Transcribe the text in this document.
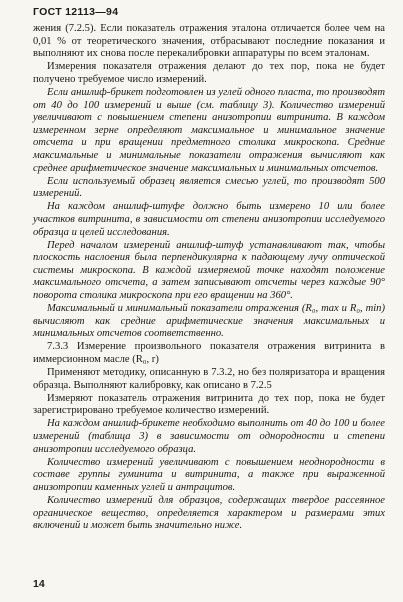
ГОСТ 12113—94

жения (7.2.5). Если показатель отражения эталона отличается более чем на 0,01 % от теоретического значения, отбрасывают последние показания и выполняют их снова после перекалибровки аппаратуры по всем эталонам.

Измерения показателя отражения делают до тех пор, пока не будет получено требуемое число измерений.

Если аншлиф-брикет подготовлен из углей одного пласта, то производят от 40 до 100 измерений и выше (см. таблицу 3). Количество измерений увеличивают с повышением степени анизотропии витринита. В каждом измеренном зерне определяют максимальное и минимальное значение отсчета и при вращении предметного столика микроскопа. Средние максимальные и минимальные показатели отражения вычисляют как среднее арифметическое значение максимальных и минимальных отсчетов.

Если используемый образец является смесью углей, то производят 500 измерений.

На каждом аншлиф-штуфе должно быть измерено 10 или более участков витринита, в зависимости от степени анизотропии исследуемого образца и целей исследования.

Перед началом измерений аншлиф-штуф устанавливают так, чтобы плоскость наслоения была перпендикулярна к падающему лучу оптической системы микроскопа. В каждой измеряемой точке находят положение максимального отсчета, а затем записывают отсчеты через каждые 90° поворота столика микроскопа при его вращении на 360°.

Максимальный и минимальный показатели отражения (R₀, max и R₀, min) вычисляют как средние арифметические значения максимальных и минимальных отсчетов соответственно.

7.3.3 Измерение произвольного показателя отражения витринита в иммерсионном масле (R₀, r)

Применяют методику, описанную в 7.3.2, но без поляризатора и вращения образца. Выполняют калибровку, как описано в 7.2.5

Измеряют показатель отражения витринита до тех пор, пока не будет зарегистрировано требуемое количество измерений.

На каждом аншлиф-брикете необходимо выполнить от 40 до 100 и более измерений (таблица 3) в зависимости от однородности и степени анизотропии исследуемого образца.

Количество измерений увеличивают с повышением неоднородности в составе группы гуминита и витринита, а также при выраженной анизотропии каменных углей и антрацитов.

Количество измерений для образцов, содержащих твердое рассеянное органическое вещество, определяется характером и размерами этих включений и может быть значительно ниже.

14
